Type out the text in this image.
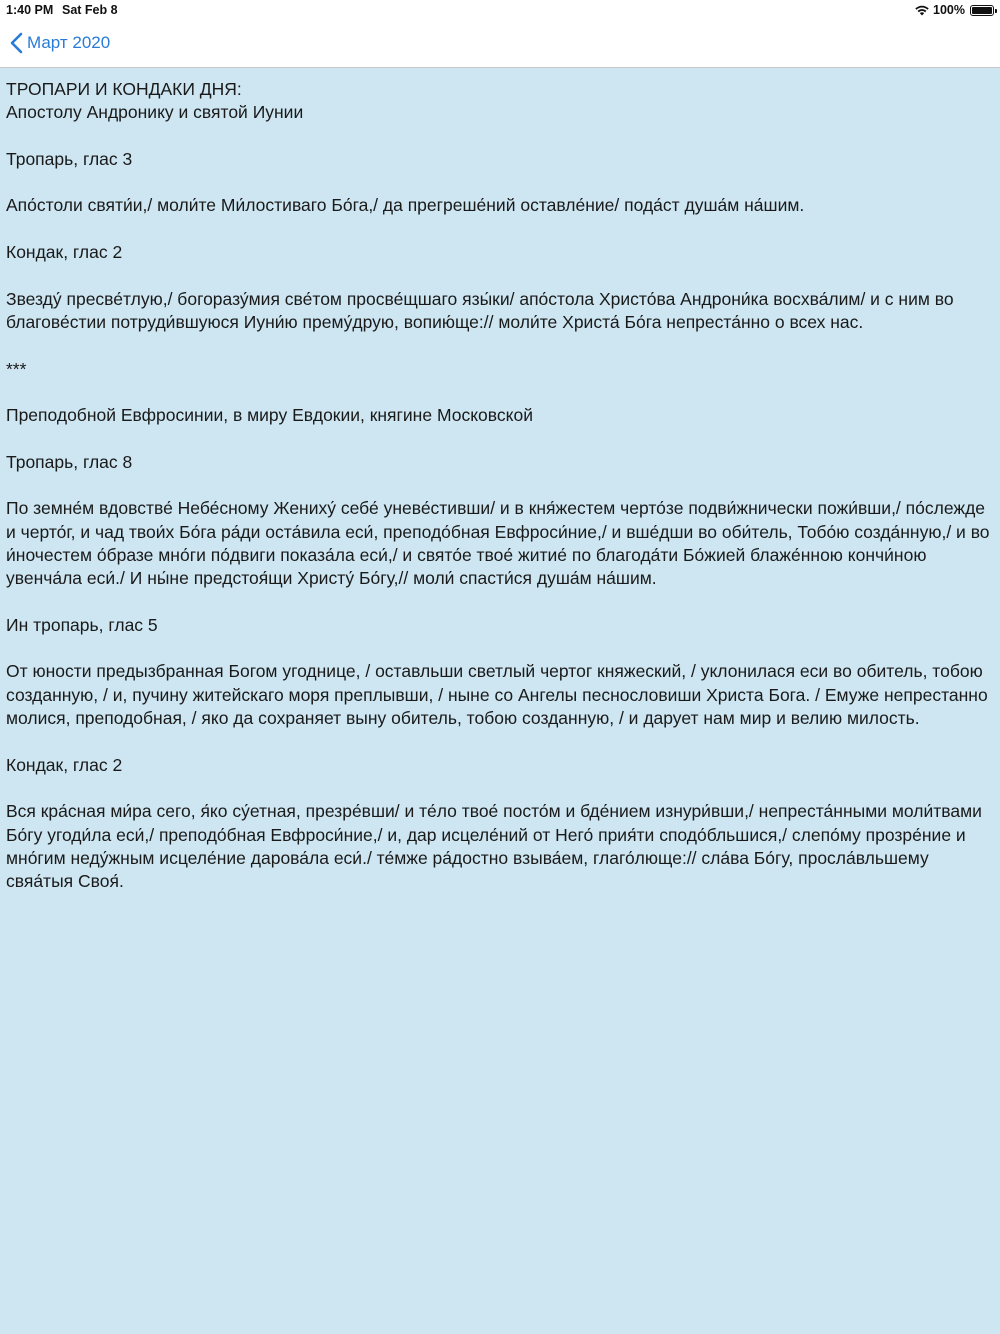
1:40 PM Sat Feb 8	100%
Март 2020
ТРОПАРИ И КОНДАКИ ДНЯ:
Апостолу Андронику и святой Иунии

Тропарь, глас 3

Апо́столи святи́и,/ моли́те Ми́лостиваго Бо́га,/ да прегреше́ний оставле́ние/ пода́ст душа́м на́шим.

Кондак, глас 2

Звезду́ пресве́тлую,/ богоразу́мия све́том просве́щшаго язы́ки/ апо́стола Христо́ва Андрони́ка восхва́лим/ и с ним во благове́стии потруди́вшуюся Иуни́ю прему́друю, вопию́ще:// моли́те Христа́ Бо́га непреста́нно о всех нас.

***

Преподобной Евфросинии, в миру Евдокии, княгине Московской

Тропарь, глас 8

По земне́м вдовстве́ Небе́сному Жениху́ себе́ уневе́стивши/ и в кня́жестем черто́зе подви́жнически пожи́вши,/ по́слежде и черто́г, и чад твои́х Бо́га ра́ди оста́вила еси́, преподо́бная Евфроси́ние,/ и вше́дши во оби́тель, Тобо́ю созда́нную,/ и во и́ночестем о́бразе мно́ги по́двиги показа́ла еси́,/ и свято́е твое́ житие́ по благода́ти Бо́жией блаже́нною кончи́ною увенча́ла еси́./ И ны́не предстоя́щи Христу́ Бо́гу,// моли́ спасти́ся душа́м на́шим.

Ин тропарь, глас 5

От юности предызбранная Богом угоднице, / оставльши светлый чертог княжеский, / уклонилася еси во обитель, тобою созданную, / и, пучину житейскаго моря преплывши, / ныне со Ангелы песнословиши Христа Бога. / Емуже непрестанно молися, преподобная, / яко да сохраняет выну обитель, тобою созданную, / и дарует нам мир и велию милость.

Кондак, глас 2

Вся кра́сная ми́ра сего, я́ко су́етная, презре́вши/ и те́ло твое́ посто́м и бде́нием изнури́вши,/ непреста́нными моли́твами Бо́гу угоди́ла еси́,/ преподо́бная Евфроси́ние,/ и, дар исцеле́ний от Него́ прия́ти сподо́бльшися,/ слепо́му прозре́ние и мно́гим неду́жным исцеле́ние дарова́ла еси́./ те́мже ра́достно взыва́ем, глаго́люще:// сла́ва Бо́гу, просла́вльшему свяа́тыя Своя́.
